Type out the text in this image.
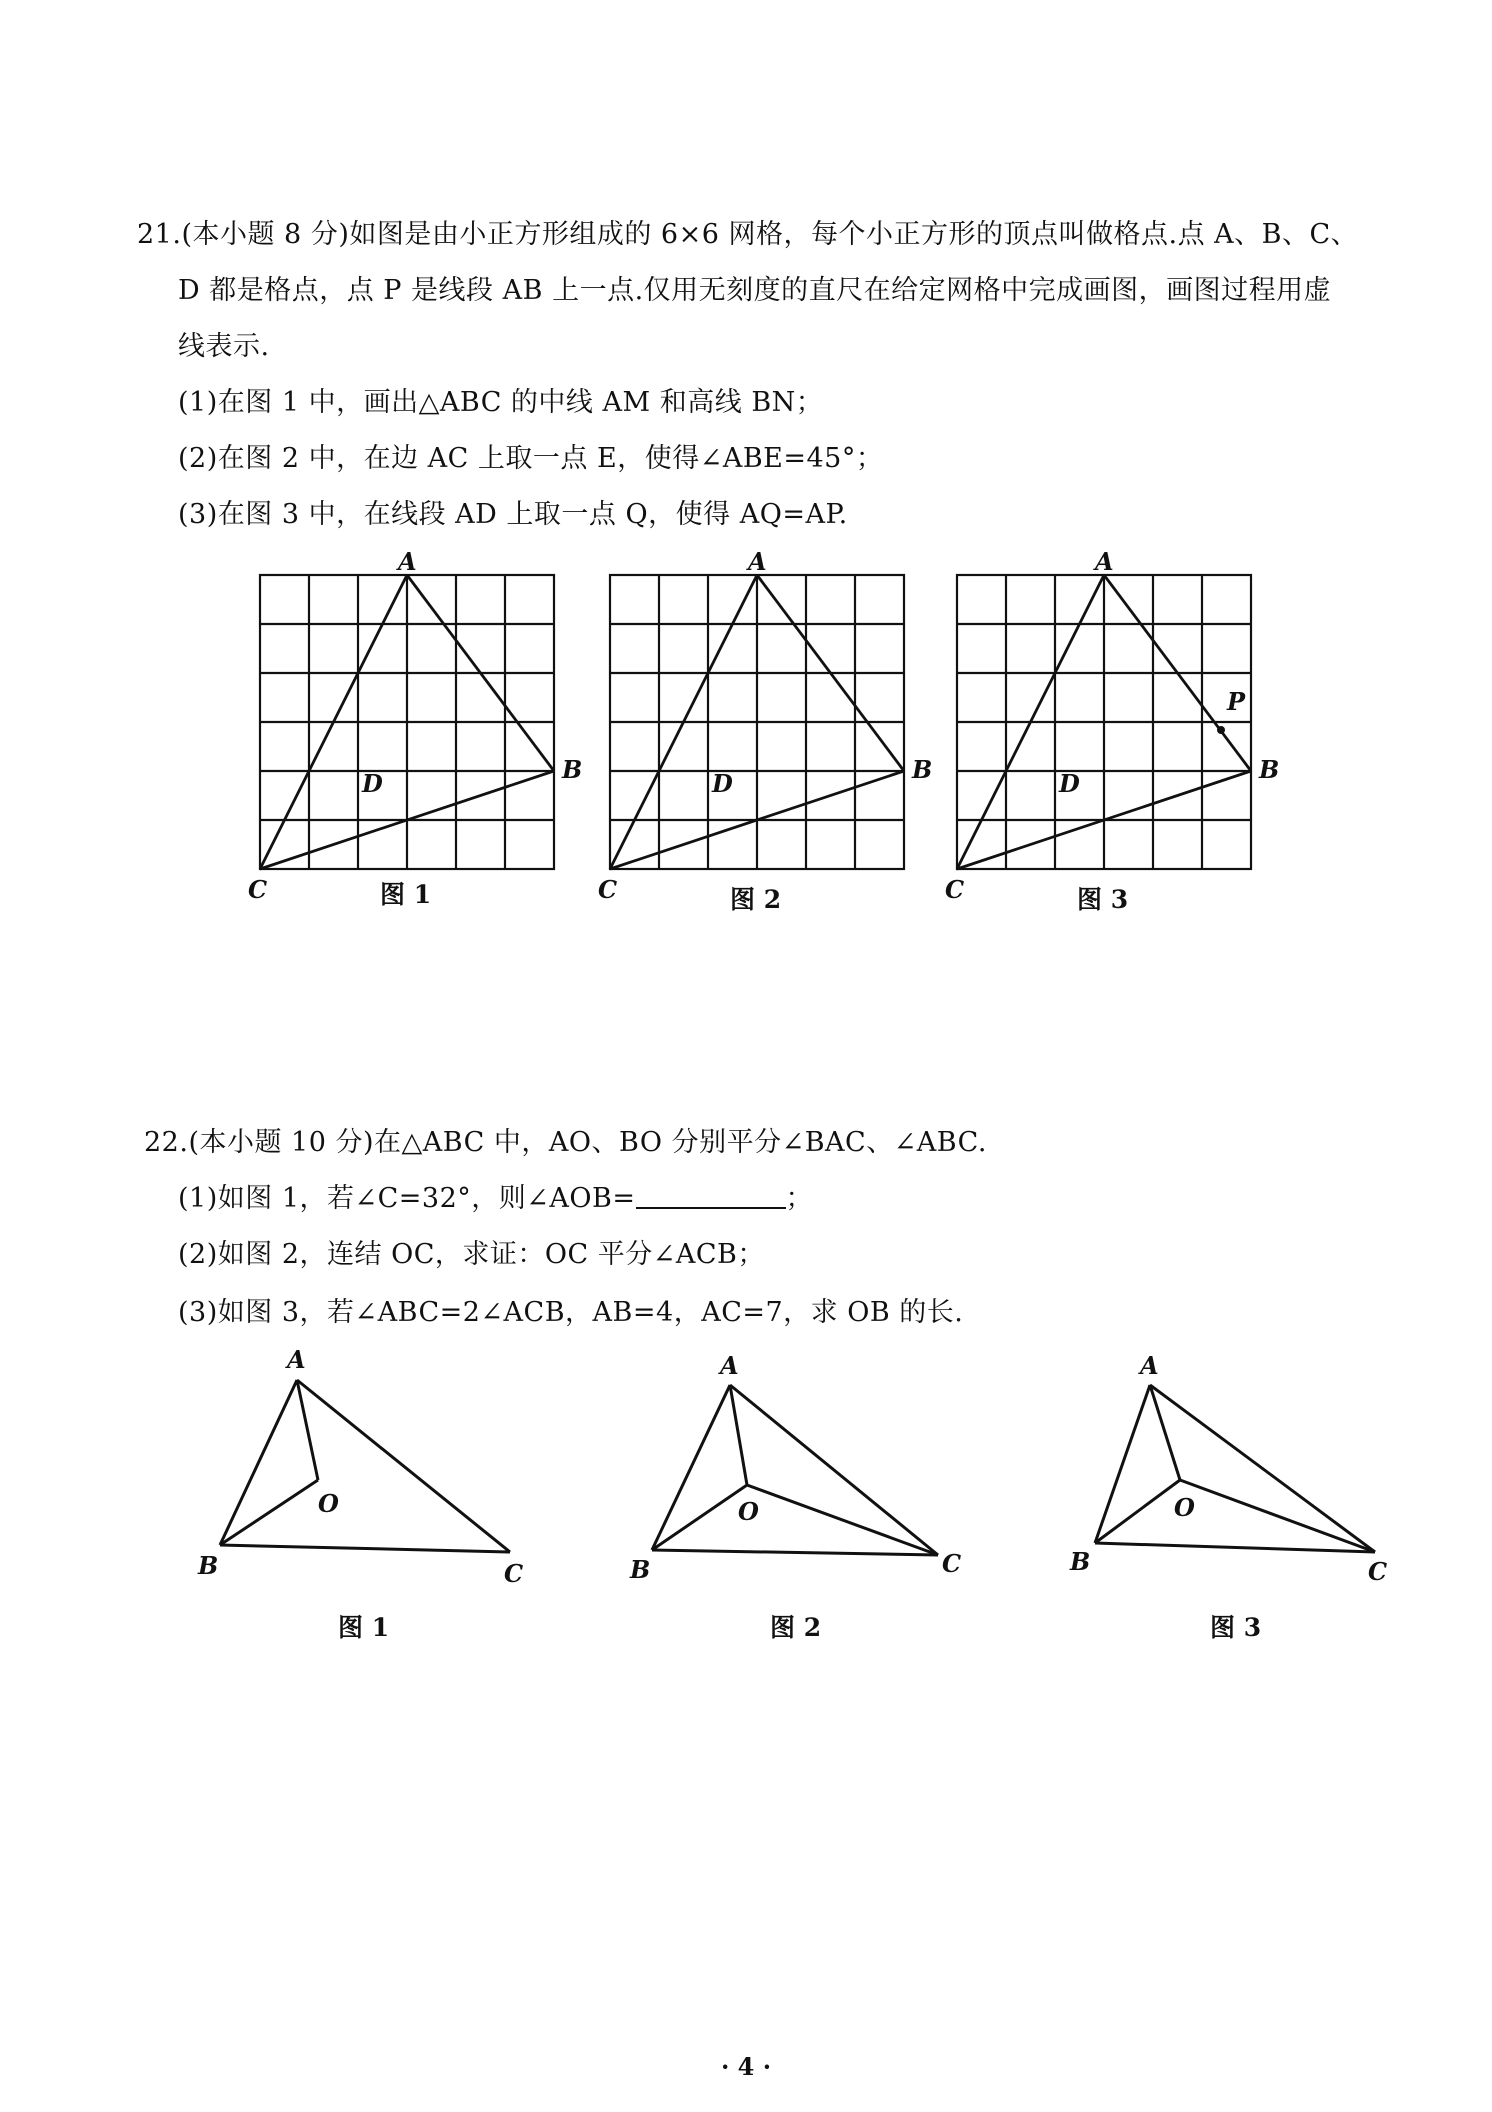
21.(本小题 8 分)如图是由小正方形组成的 6×6 网格，每个小正方形的顶点叫做格点.点 A、B、C、
D 都是格点，点 P 是线段 AB 上一点.仅用无刻度的直尺在给定网格中完成画图，画图过程用虚
线表示.
(1)在图 1 中，画出△ABC 的中线 AM 和高线 BN；
(2)在图 2 中，在边 AC 上取一点 E，使得∠ABE=45°；
(3)在图 3 中，在线段 AD 上取一点 Q，使得 AQ=AP.
A
B
C
D
图 1
A
B
C
D
图 2
A
B
C
D
P
图 3
22.(本小题 10 分)在△ABC 中，AO、BO 分别平分∠BAC、∠ABC.
(1)如图 1，若∠C=32°，则∠AOB=	；
(2)如图 2，连结 OC，求证：OC 平分∠ACB；
(3)如图 3，若∠ABC=2∠ACB，AB=4，AC=7，求 OB 的长.
A
B	C
O
图 1
A
B	C
O
图 2
A
B	C
O
图 3
· 4 ·
